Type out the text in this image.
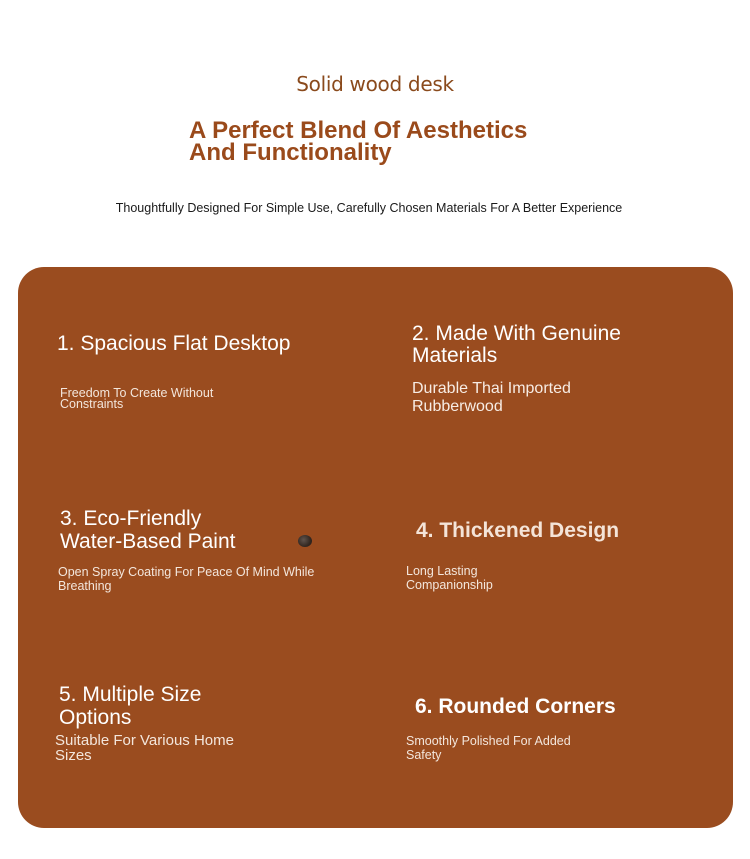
Solid wood desk
A Perfect Blend Of Aesthetics
And Functionality
Thoughtfully Designed For Simple Use, Carefully Chosen Materials For A Better Experience
1. Spacious Flat Desktop
Freedom To Create Without
Constraints
2. Made With Genuine
Materials
Durable Thai Imported
Rubberwood
3. Eco-Friendly
Water-Based Paint
Open Spray Coating For Peace Of Mind While
Breathing
4. Thickened Design
Long Lasting
Companionship
5. Multiple Size
Options
Suitable For Various Home
Sizes
6. Rounded Corners
Smoothly Polished For Added
Safety
